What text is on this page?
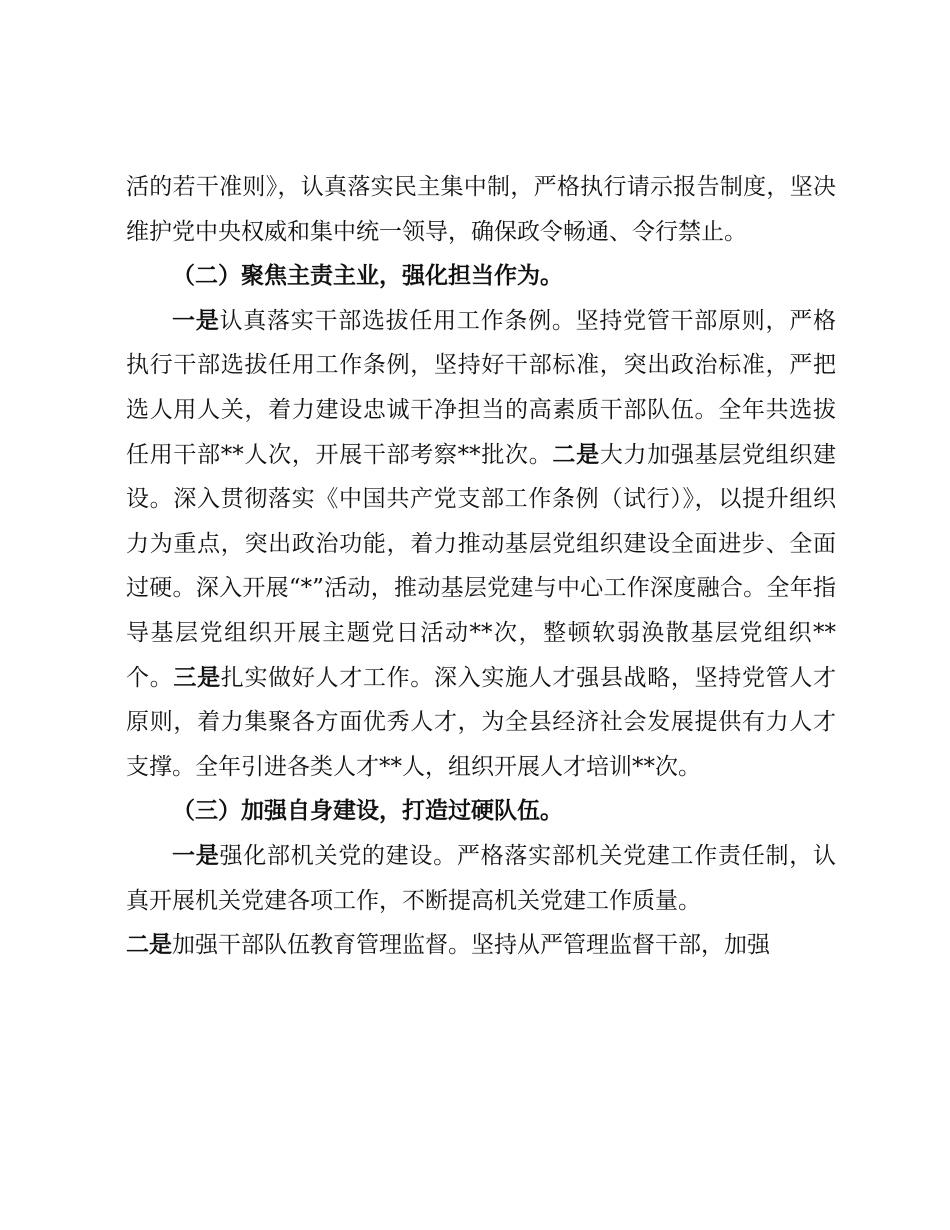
活的若干准则》，认真落实民主集中制，严格执行请示报告制度，坚决维护党中央权威和集中统一领导，确保政令畅通、令行禁止。

（二）聚焦主责主业，强化担当作为。

一是认真落实干部选拔任用工作条例。坚持党管干部原则，严格执行干部选拔任用工作条例，坚持好干部标准，突出政治标准，严把选人用人关，着力建设忠诚干净担当的高素质干部队伍。全年共选拔任用干部**人次，开展干部考察**批次。二是大力加强基层党组织建设。深入贯彻落实《中国共产党支部工作条例（试行）》，以提升组织力为重点，突出政治功能，着力推动基层党组织建设全面进步、全面过硬。深入开展“*”活动，推动基层党建与中心工作深度融合。全年指导基层党组织开展主题党日活动**次，整顿软弱涣散基层党组织**个。三是扎实做好人才工作。深入实施人才强县战略，坚持党管人才原则，着力集聚各方面优秀人才，为全县经济社会发展提供有力人才支撑。全年引进各类人才**人，组织开展人才培训**次。

（三）加强自身建设，打造过硬队伍。

一是强化部机关党的建设。严格落实部机关党建工作责任制，认真开展机关党建各项工作，不断提高机关党建工作质量。

二是加强干部队伍教育管理监督。坚持从严管理监督干部，加强
